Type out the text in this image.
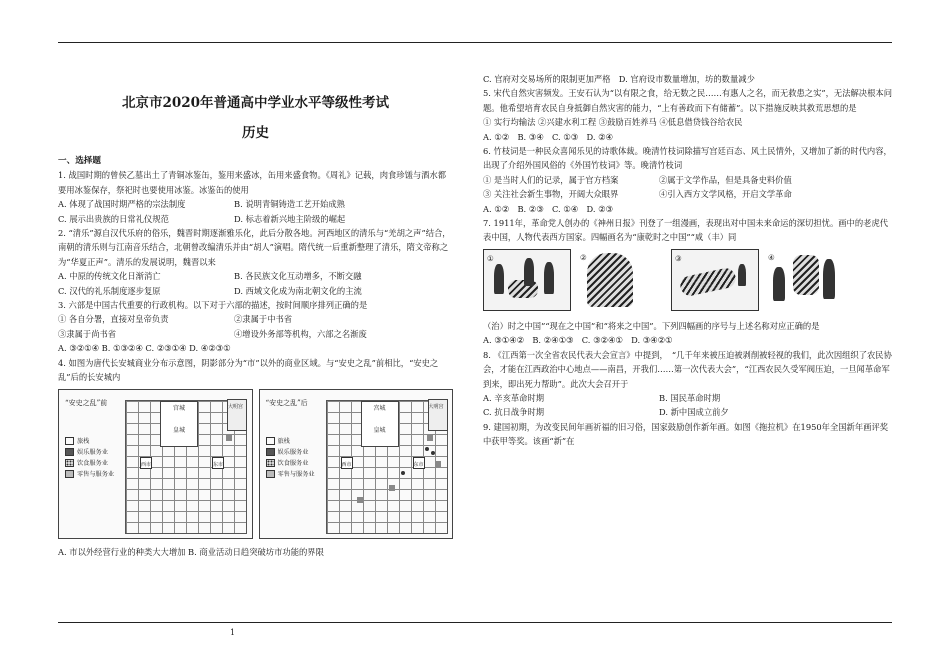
北京市2020年普通高中学业水平等级性考试

历史

一、选择题

1. 战国时期的曾侯乙墓出土了青铜冰鉴缶，鉴用来盛冰，缶用来盛食物。《周礼》记载，肉食珍馐与酒水都要用冰鉴保存，祭祀时也要使用冰鉴。冰鉴缶的使用

A. 体现了战国时期严格的宗法制度	B. 说明青铜铸造工艺开始成熟
C. 展示出贵族的日常礼仪规范	D. 标志着新兴地主阶级的崛起

2. “清乐”源自汉代乐府的俗乐，魏晋时期逐渐雅乐化，此后分散各地。河西地区的清乐与“羌胡之声”结合，南朝的清乐则与江南音乐结合，北朝曾改编清乐并由“胡人”演唱。隋代统一后重新整理了清乐，隋文帝称之为“华夏正声”。清乐的发展说明，魏晋以来

A. 中原的传统文化日渐消亡	B. 各民族文化互动增多，不断交融
C. 汉代的礼乐制度逐步复原	D. 西域文化成为南北朝文化的主流

3. 六部是中国古代重要的行政机构。以下对于六部的描述，按时间顺序排列正确的是

① 各自分署，直接对皇帝负责	②隶属于中书省
③隶属于尚书省	④增设外务部等机构，六部之名渐废

A. ③②①④ B. ①③②④ C. ②③①④ D. ④②③①

4. 如图为唐代长安城商业分布示意图，阴影部分为“市”以外的商业区域。与“安史之乱”前相比，“安史之乱”后的长安城内

“安史之乱”前
旅栈
娱乐服务业
饮食服务业
零售与服务业
宫城
皇城
大明宫
西市	东市
“安史之乱”后
旅栈
娱乐服务业
饮食服务业
零售与服务业
宫城
皇城
大明宫
西市	东市

A. 市以外经营行业的种类大大增加 B. 商业活动日趋突破坊市功能的界限

C. 官府对交易场所的限制更加严格　D. 官府设市数量增加，坊的数量减少

5. 宋代自然灾害频发。王安石认为“以有限之食，给无数之民……有惠人之名，而无救患之实”，无法解决根本问题。他希望培育农民自身抵御自然灾害的能力，“上有善政而下有储蓄”。以下措施反映其救荒思想的是

① 实行均输法 ②兴建水利工程 ③鼓励百姓养马 ④低息借贷钱谷给农民

A. ①②　B. ③④　C. ①③　D. ②④

6. 竹枝词是一种民众喜闻乐见的诗歌体裁。晚清竹枝词除描写宫廷百态、风土民情外，又增加了新的时代内容，出现了介绍外国风俗的《外国竹枝词》等。晚清竹枝词

① 是当时人们的记录，属于官方档案	②属于文学作品，但是具备史料价值
③ 关注社会新生事物，开阔大众眼界	④引入西方文学风格，开启文学革命

A. ①②　B. ②③　C. ①④　D. ②③

7. 1911年，革命党人创办的《神州日报》刊登了一组漫画，表现出对中国未来命运的深切担忧。画中的老虎代表中国，人物代表西方国家。四幅画名为“康乾时之中国”“咸（丰）同

①	②	③	④

（治）时之中国”“现在之中国”和“将来之中国”。下列四幅画的序号与上述名称对应正确的是

A. ③①④②　B. ②④①③　C. ③②④①　D. ③④②①

8. 《江西第一次全省农民代表大会宣言》中提到，　“几千年来被压迫被剥削被轻视的我们，此次因组织了农民协会，才能在江西政治中心地点——南昌，开我们……第一次代表大会”，“江西农民久受军阀压迫，一旦闻革命军到来，即出死力帮助”。此次大会召开于

A. 辛亥革命时期	B. 国民革命时期
C. 抗日战争时期	D. 新中国成立前夕

9. 建国初期，为改变民间年画祈福的旧习俗，国家鼓励创作新年画。如图《拖拉机》在1950年全国新年画评奖中获甲等奖。该画“新”在

1
